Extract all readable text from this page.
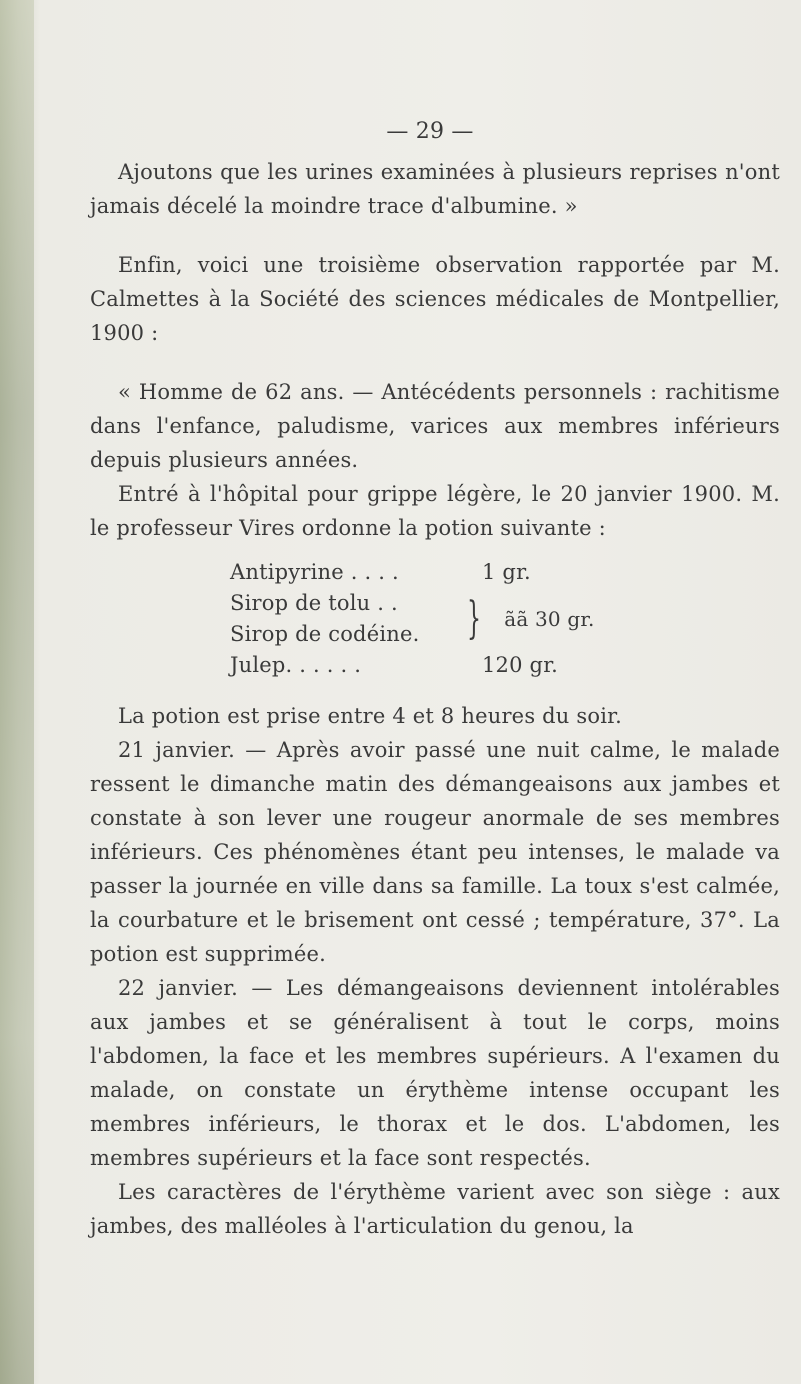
— 29 —

Ajoutons que les urines examinées à plusieurs reprises n'ont jamais décelé la moindre trace d'albumine. »

Enfin, voici une troisième observation rapportée par M. Calmettes à la Société des sciences médicales de Montpellier, 1900 :

« Homme de 62 ans. — Antécédents personnels : rachitisme dans l'enfance, paludisme, varices aux membres inférieurs depuis plusieurs années.

Entré à l'hôpital pour grippe légère, le 20 janvier 1900. M. le professeur Vires ordonne la potion suivante :

Antipyrine . . . .	1 gr.
Sirop de tolu . .
Sirop de codéine.	}	ãã 30 gr.
Julep. . . . . .	120 gr.

La potion est prise entre 4 et 8 heures du soir.

21 janvier. — Après avoir passé une nuit calme, le malade ressent le dimanche matin des démangeaisons aux jambes et constate à son lever une rougeur anormale de ses membres inférieurs. Ces phénomènes étant peu intenses, le malade va passer la journée en ville dans sa famille. La toux s'est calmée, la courbature et le brisement ont cessé ; température, 37°. La potion est supprimée.

22 janvier. — Les démangeaisons deviennent intolérables aux jambes et se généralisent à tout le corps, moins l'abdomen, la face et les membres supérieurs. A l'examen du malade, on constate un érythème intense occupant les membres inférieurs, le thorax et le dos. L'abdomen, les membres supérieurs et la face sont respectés.

Les caractères de l'érythème varient avec son siège : aux jambes, des malléoles à l'articulation du genou, la
